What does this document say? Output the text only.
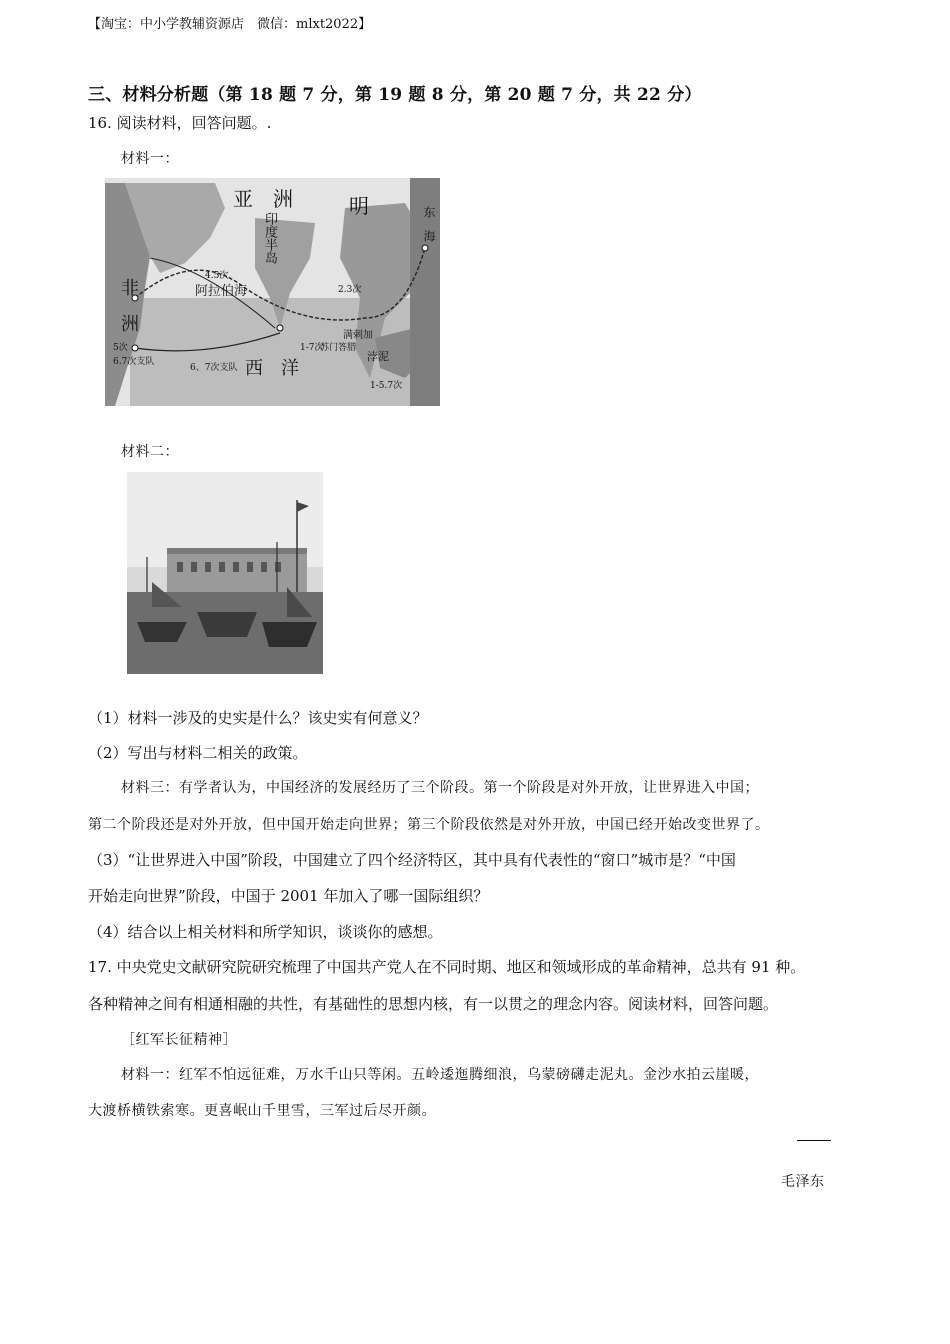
【淘宝：中小学教辅资源店　微信：mlxt2022】
三、材料分析题（第 18 题 7 分，第 19 题 8 分，第 20 题 7 分，共 22 分）
16. 阅读材料，回答问题。.
材料一：
亚　洲	明	东　海
印度半岛
非　洲	阿拉伯海
西　洋
浡泥
满剌加
苏门答腊
5次
6.7次支队
4.5次
6、7次支队
1-7次
2.3次
1-5.7次
材料二：
（1）材料一涉及的史实是什么？该史实有何意义？
（2）写出与材料二相关的政策。
材料三：有学者认为，中国经济的发展经历了三个阶段。第一个阶段是对外开放，让世界进入中国；
第二个阶段还是对外开放，但中国开始走向世界；第三个阶段依然是对外开放，中国已经开始改变世界了。
（3）“让世界进入中国”阶段，中国建立了四个经济特区，其中具有代表性的“窗口”城市是？“中国
开始走向世界”阶段，中国于 2001 年加入了哪一国际组织？
（4）结合以上相关材料和所学知识，谈谈你的感想。
17. 中央党史文献研究院研究梳理了中国共产党人在不同时期、地区和领域形成的革命精神，总共有 91 种。
各种精神之间有相通相融的共性，有基础性的思想内核，有一以贯之的理念内容。阅读材料，回答问题。
［红军长征精神］
材料一：红军不怕远征难，万水千山只等闲。五岭逶迤腾细浪，乌蒙磅礴走泥丸。金沙水拍云崖暖，
大渡桥横铁索寒。更喜岷山千里雪，三军过后尽开颜。
毛泽东
